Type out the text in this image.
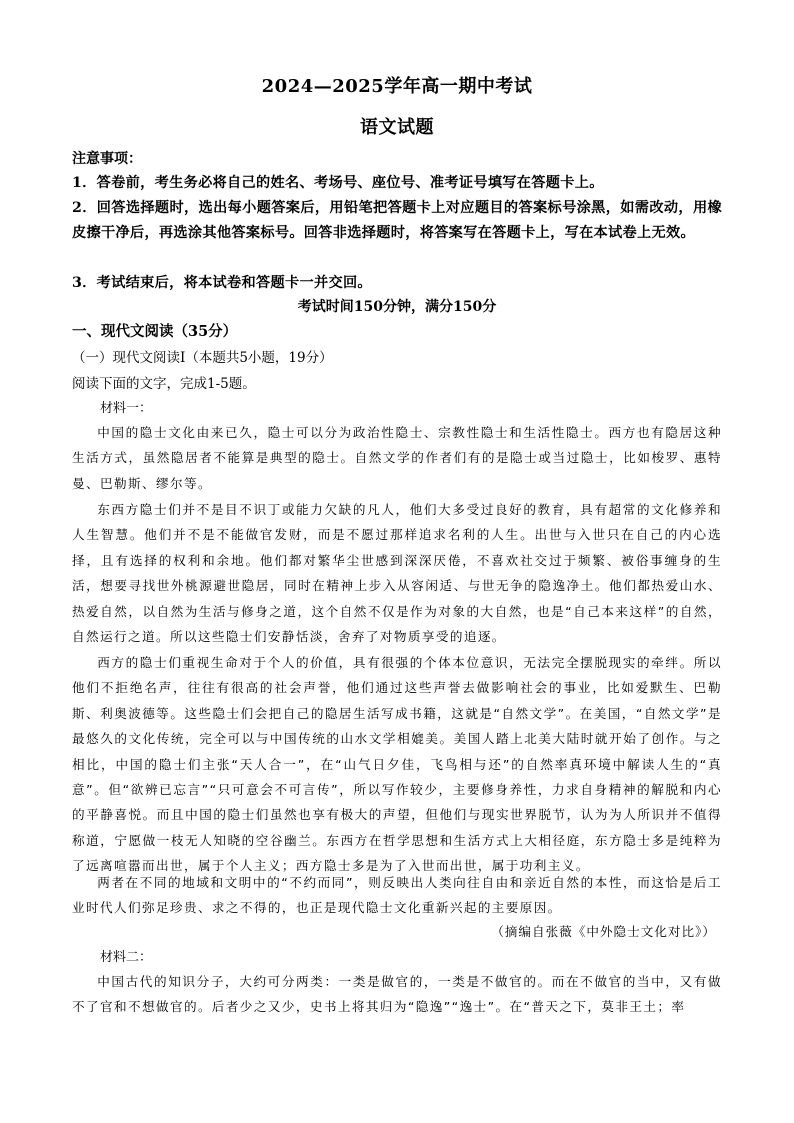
2024—2025学年高一期中考试
语文试题
注意事项：
1．答卷前，考生务必将自己的姓名、考场号、座位号、准考证号填写在答题卡上。
2．回答选择题时，选出每小题答案后，用铅笔把答题卡上对应题目的答案标号涂黑，如需改动，用橡皮擦干净后，再选涂其他答案标号。回答非选择题时，将答案写在答题卡上，写在本试卷上无效。
3．考试结束后，将本试卷和答题卡一并交回。
考试时间150分钟，满分150分
一、现代文阅读（35分）
（一）现代文阅读Ⅰ（本题共5小题，19分）
阅读下面的文字，完成1-5题。
材料一：
中国的隐士文化由来已久，隐士可以分为政治性隐士、宗教性隐士和生活性隐士。西方也有隐居这种生活方式，虽然隐居者不能算是典型的隐士。自然文学的作者们有的是隐士或当过隐士，比如梭罗、惠特曼、巴勒斯、缪尔等。
东西方隐士们并不是目不识丁或能力欠缺的凡人，他们大多受过良好的教育，具有超常的文化修养和人生智慧。他们并不是不能做官发财，而是不愿过那样追求名利的人生。出世与入世只在自己的内心选择，且有选择的权利和余地。他们都对繁华尘世感到深深厌倦，不喜欢社交过于频繁、被俗事缠身的生活，想要寻找世外桃源避世隐居，同时在精神上步入从容闲适、与世无争的隐逸净土。他们都热爱山水、热爱自然，以自然为生活与修身之道，这个自然不仅是作为对象的大自然，也是“自己本来这样”的自然，自然运行之道。所以这些隐士们安静恬淡，舍弃了对物质享受的追逐。
西方的隐士们重视生命对于个人的价值，具有很强的个体本位意识，无法完全摆脱现实的牵绊。所以他们不拒绝名声，往往有很高的社会声誉，他们通过这些声誉去做影响社会的事业，比如爱默生、巴勒斯、利奥波德等。这些隐士们会把自己的隐居生活写成书籍，这就是“自然文学”。在美国，“自然文学”是最悠久的文化传统，完全可以与中国传统的山水文学相媲美。美国人踏上北美大陆时就开始了创作。与之相比，中国的隐士们主张“天人合一”，在“山气日夕佳，飞鸟相与还”的自然率真环境中解读人生的“真意”。但“欲辨已忘言”“只可意会不可言传”，所以写作较少，主要修身养性，力求自身精神的解脱和内心的平静喜悦。而且中国的隐士们虽然也享有极大的声望，但他们与现实世界脱节，认为为人所识并不值得称道，宁愿做一枝无人知晓的空谷幽兰。东西方在哲学思想和生活方式上大相径庭，东方隐士多是纯粹为了远离喧嚣而出世，属于个人主义；西方隐士多是为了入世而出世，属于功利主义。
两者在不同的地域和文明中的“不约而同”，则反映出人类向往自由和亲近自然的本性，而这恰是后工业时代人们弥足珍贵、求之不得的，也正是现代隐士文化重新兴起的主要原因。
（摘编自张薇《中外隐士文化对比》）
材料二：
中国古代的知识分子，大约可分两类：一类是做官的，一类是不做官的。而在不做官的当中，又有做不了官和不想做官的。后者少之又少，史书上将其归为“隐逸”“逸士”。在“普天之下，莫非王土；率
